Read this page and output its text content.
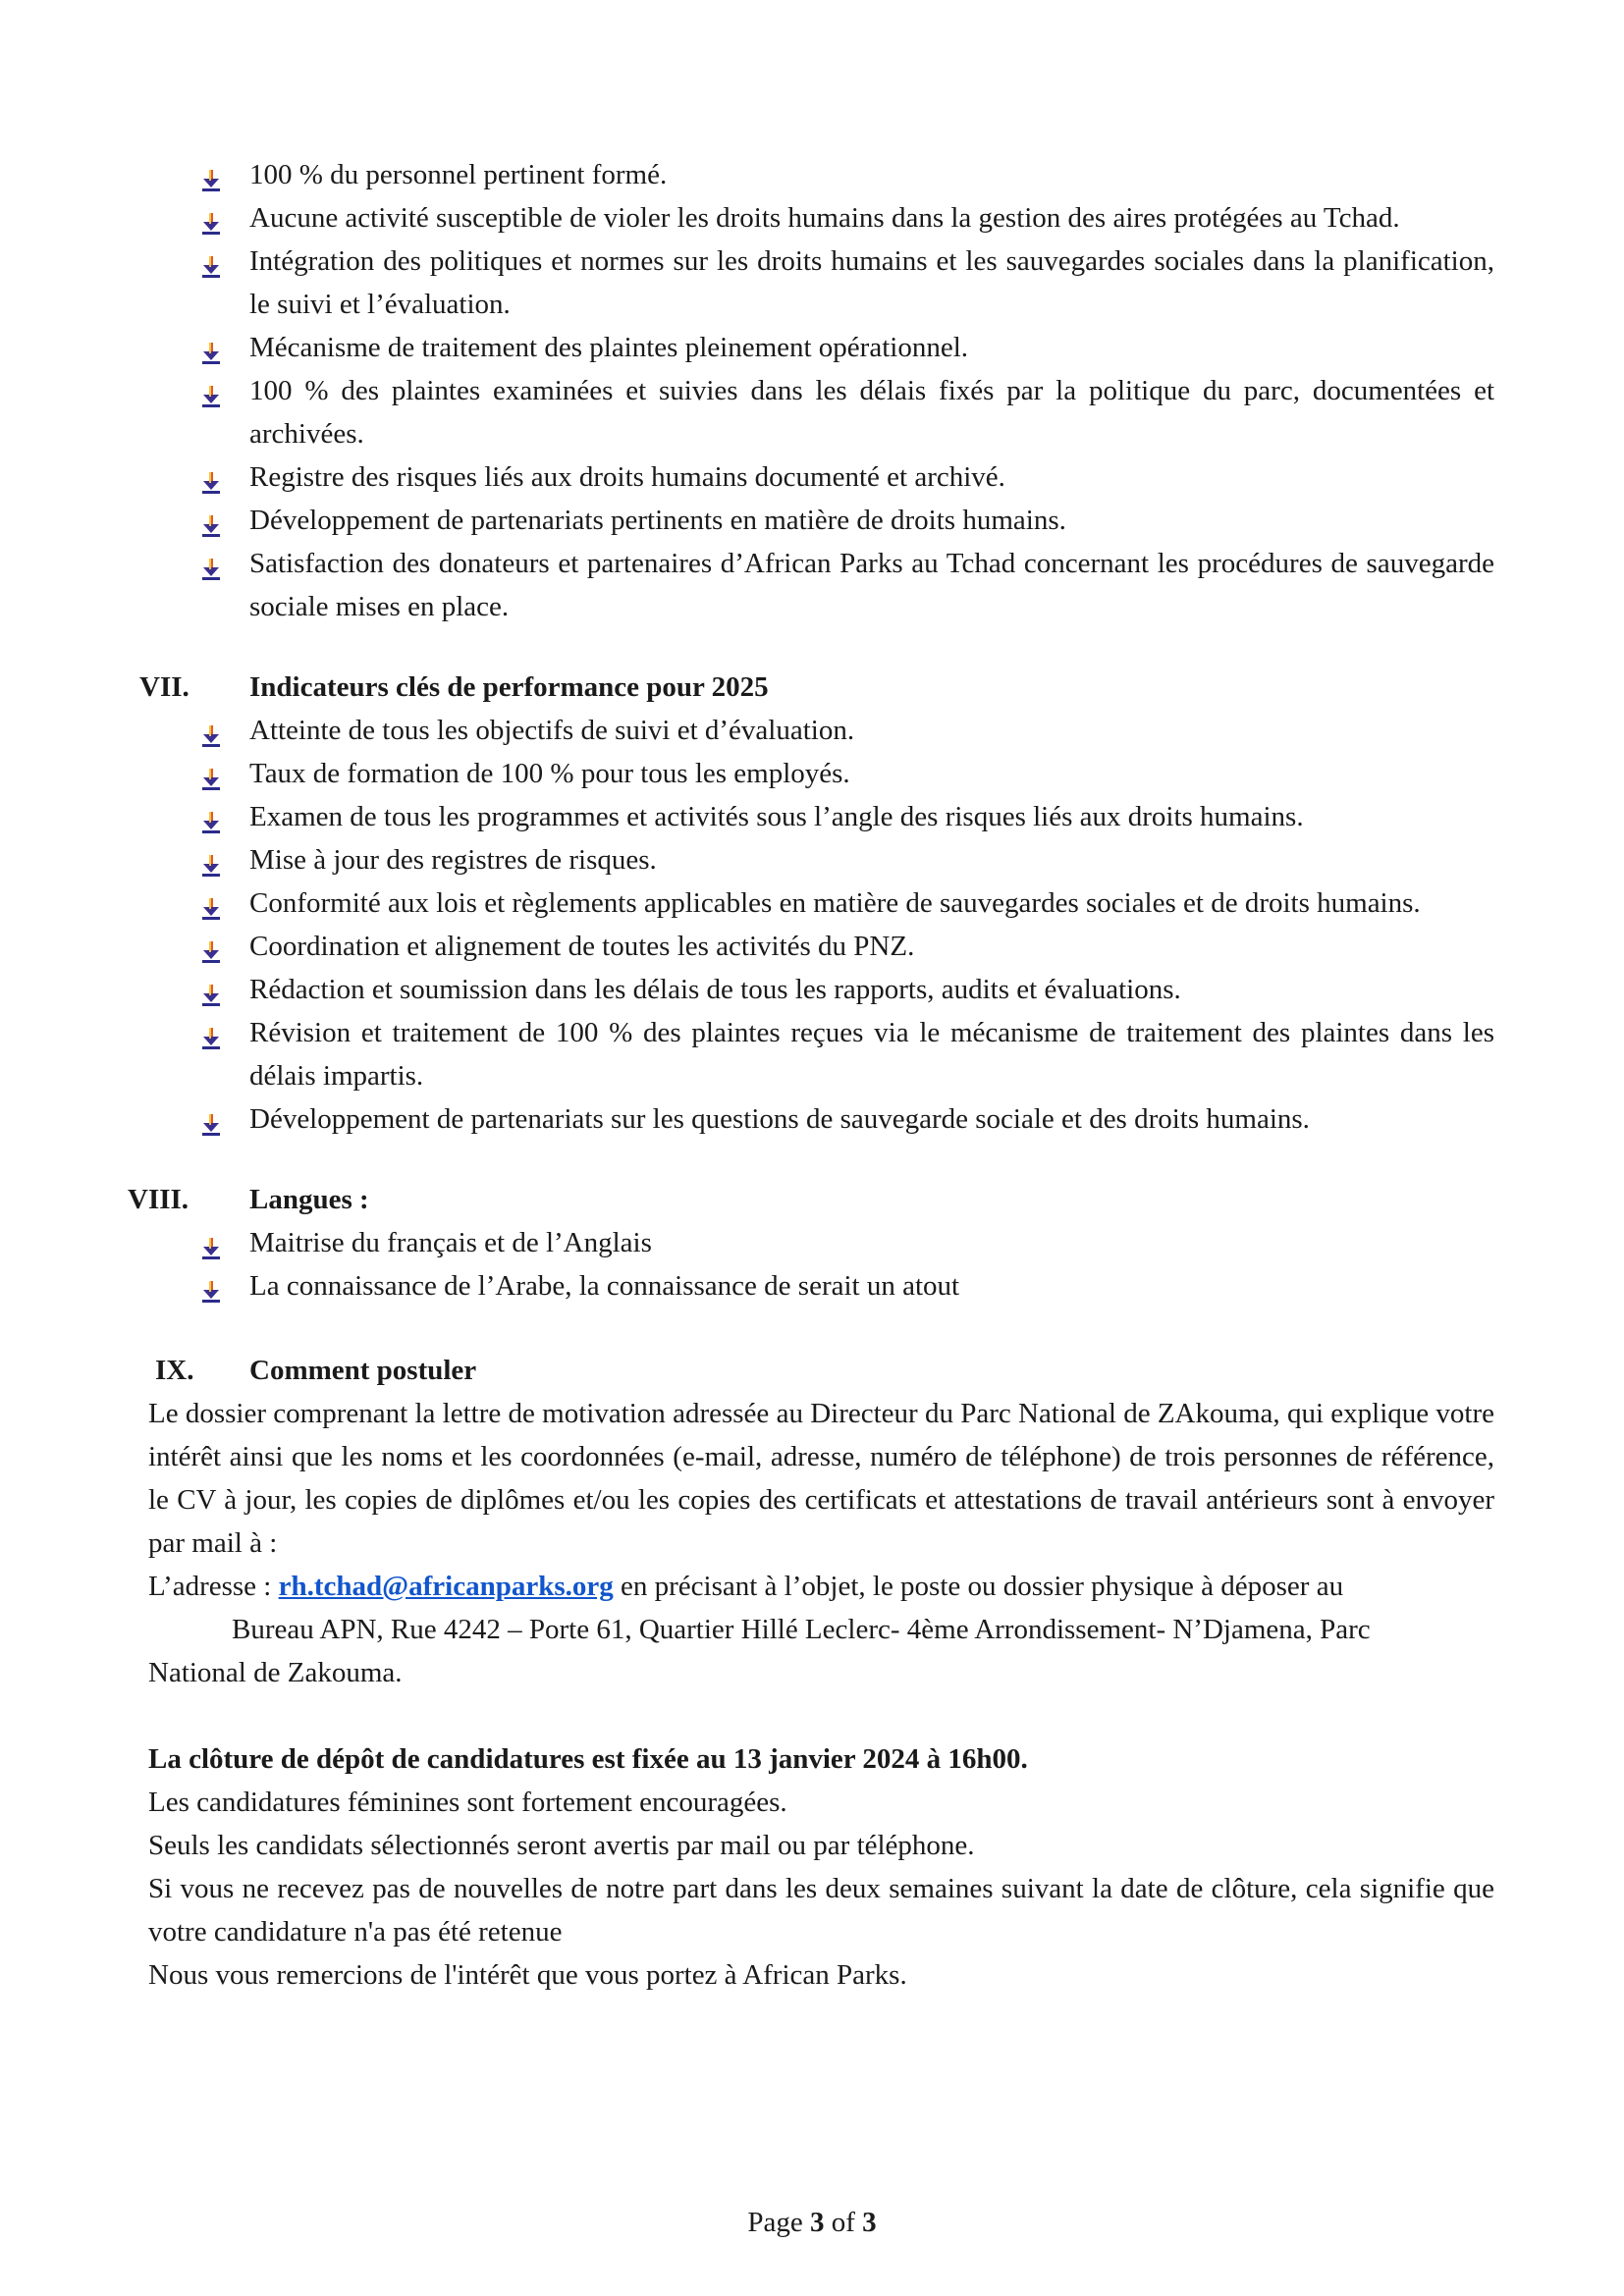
100 % du personnel pertinent formé.
Aucune activité susceptible de violer les droits humains dans la gestion des aires protégées au Tchad.
Intégration des politiques et normes sur les droits humains et les sauvegardes sociales dans la planification, le suivi et l’évaluation.
Mécanisme de traitement des plaintes pleinement opérationnel.
100 % des plaintes examinées et suivies dans les délais fixés par la politique du parc, documentées et archivées.
Registre des risques liés aux droits humains documenté et archivé.
Développement de partenariats pertinents en matière de droits humains.
Satisfaction des donateurs et partenaires d’African Parks au Tchad concernant les procédures de sauvegarde sociale mises en place.
VII.	Indicateurs clés de performance pour 2025
Atteinte de tous les objectifs de suivi et d’évaluation.
Taux de formation de 100 % pour tous les employés.
Examen de tous les programmes et activités sous l’angle des risques liés aux droits humains.
Mise à jour des registres de risques.
Conformité aux lois et règlements applicables en matière de sauvegardes sociales et de droits humains.
Coordination et alignement de toutes les activités du PNZ.
Rédaction et soumission dans les délais de tous les rapports, audits et évaluations.
Révision et traitement de 100 % des plaintes reçues via le mécanisme de traitement des plaintes dans les délais impartis.
Développement de partenariats sur les questions de sauvegarde sociale et des droits humains.
VIII.	Langues :
Maitrise du français et de l’Anglais
La connaissance de l’Arabe, la connaissance de serait un atout
IX.	Comment postuler

Le dossier comprenant la lettre de motivation adressée au Directeur du Parc National de ZAkouma, qui explique votre intérêt ainsi que les noms et les coordonnées (e-mail, adresse, numéro de téléphone) de trois personnes de référence, le CV à jour, les copies de diplômes et/ou les copies des certificats et attestations de travail antérieurs sont à envoyer par mail à :

L’adresse : rh.tchad@africanparks.org en précisant à l’objet, le poste ou dossier physique à déposer au

Bureau APN, Rue 4242 – Porte 61, Quartier Hillé Leclerc- 4ème Arrondissement- N’Djamena, Parc

National de Zakouma.

La clôture de dépôt de candidatures est fixée au 13 janvier 2024 à 16h00.

Les candidatures féminines sont fortement encouragées.

Seuls les candidats sélectionnés seront avertis par mail ou par téléphone.

Si vous ne recevez pas de nouvelles de notre part dans les deux semaines suivant la date de clôture, cela signifie que votre candidature n'a pas été retenue

Nous vous remercions de l'intérêt que vous portez à African Parks.

Page 3 of 3
